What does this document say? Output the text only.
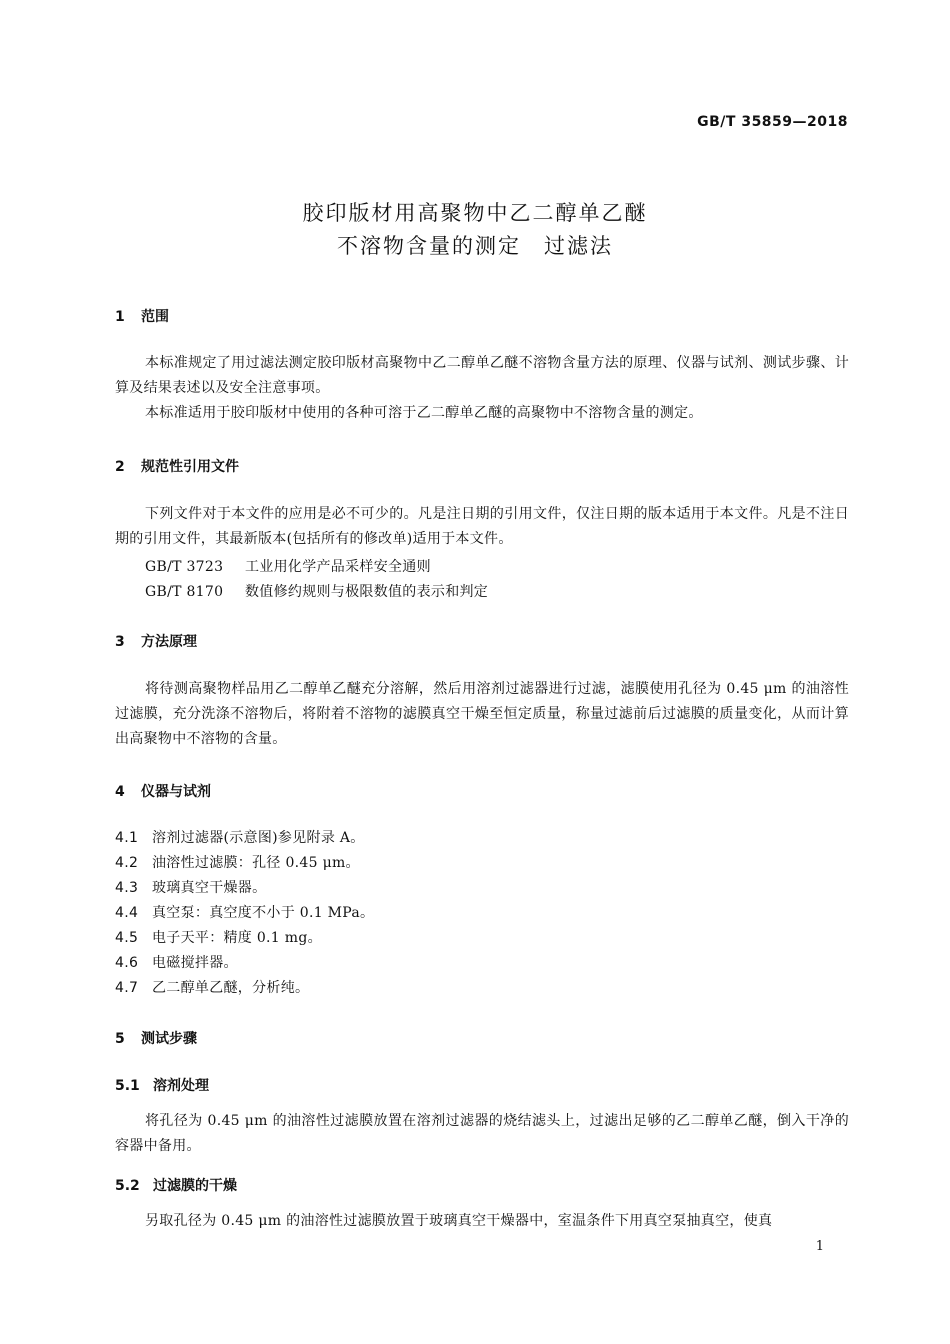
GB/T 35859—2018
胶印版材用高聚物中乙二醇单乙醚
不溶物含量的测定　过滤法
1 范围
本标准规定了用过滤法测定胶印版材高聚物中乙二醇单乙醚不溶物含量方法的原理、仪器与试剂、测试步骤、计算及结果表述以及安全注意事项。
本标准适用于胶印版材中使用的各种可溶于乙二醇单乙醚的高聚物中不溶物含量的测定。
2 规范性引用文件
下列文件对于本文件的应用是必不可少的。凡是注日期的引用文件，仅注日期的版本适用于本文件。凡是不注日期的引用文件，其最新版本(包括所有的修改单)适用于本文件。
GB/T 3723 工业用化学产品采样安全通则
GB/T 8170 数值修约规则与极限数值的表示和判定
3 方法原理
将待测高聚物样品用乙二醇单乙醚充分溶解，然后用溶剂过滤器进行过滤，滤膜使用孔径为 0.45 μm 的油溶性过滤膜，充分洗涤不溶物后，将附着不溶物的滤膜真空干燥至恒定质量，称量过滤前后过滤膜的质量变化，从而计算出高聚物中不溶物的含量。
4 仪器与试剂
4.1 溶剂过滤器(示意图)参见附录 A。
4.2 油溶性过滤膜：孔径 0.45 μm。
4.3 玻璃真空干燥器。
4.4 真空泵：真空度不小于 0.1 MPa。
4.5 电子天平：精度 0.1 mg。
4.6 电磁搅拌器。
4.7 乙二醇单乙醚，分析纯。
5 测试步骤
5.1 溶剂处理
将孔径为 0.45 μm 的油溶性过滤膜放置在溶剂过滤器的烧结滤头上，过滤出足够的乙二醇单乙醚，倒入干净的容器中备用。
5.2 过滤膜的干燥
另取孔径为 0.45 μm 的油溶性过滤膜放置于玻璃真空干燥器中，室温条件下用真空泵抽真空，使真
1
